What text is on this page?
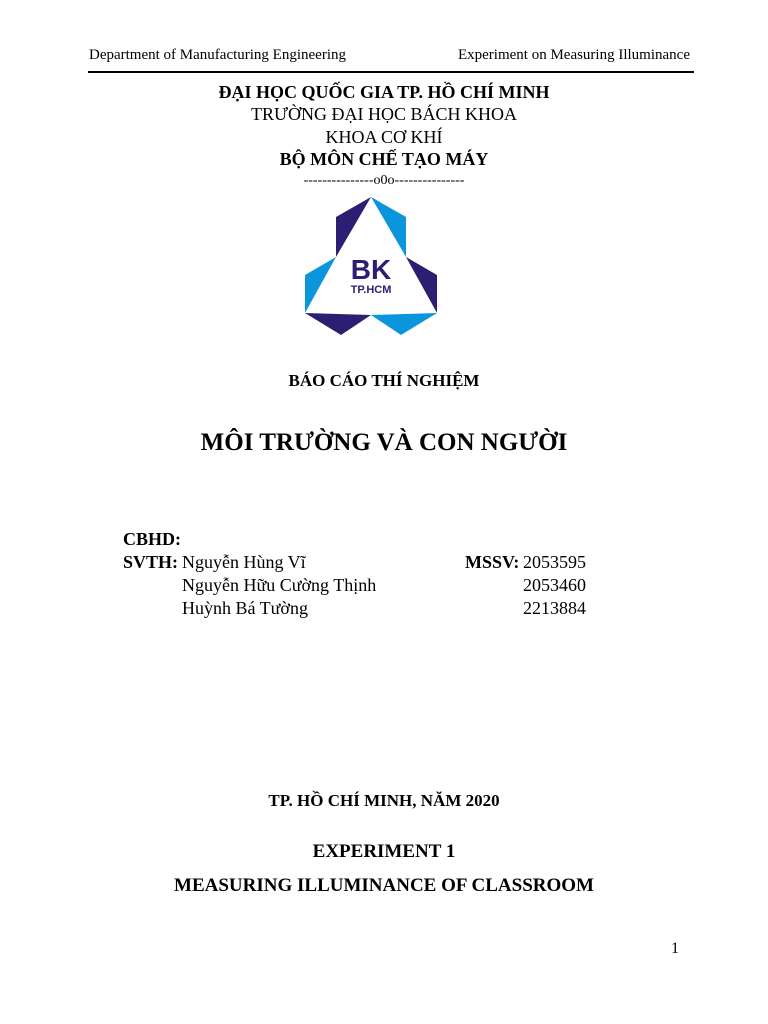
Department of Manufacturing Engineering	Experiment on Measuring Illuminance
ĐẠI HỌC QUỐC GIA TP. HỒ CHÍ MINH
TRƯỜNG ĐẠI HỌC BÁCH KHOA
KHOA CƠ KHÍ
BỘ MÔN CHẾ TẠO MÁY
---------------o0o---------------
BK
TP.HCM
BÁO CÁO THÍ NGHIỆM
MÔI TRƯỜNG VÀ CON NGƯỜI
CBHD:
SVTH: Nguyễn Hùng Vĩ	MSSV: 2053595
Nguyễn Hữu Cường Thịnh	2053460
Huỳnh Bá Tường	2213884
TP. HỒ CHÍ MINH, NĂM 2020
EXPERIMENT 1
MEASURING ILLUMINANCE OF CLASSROOM
1
